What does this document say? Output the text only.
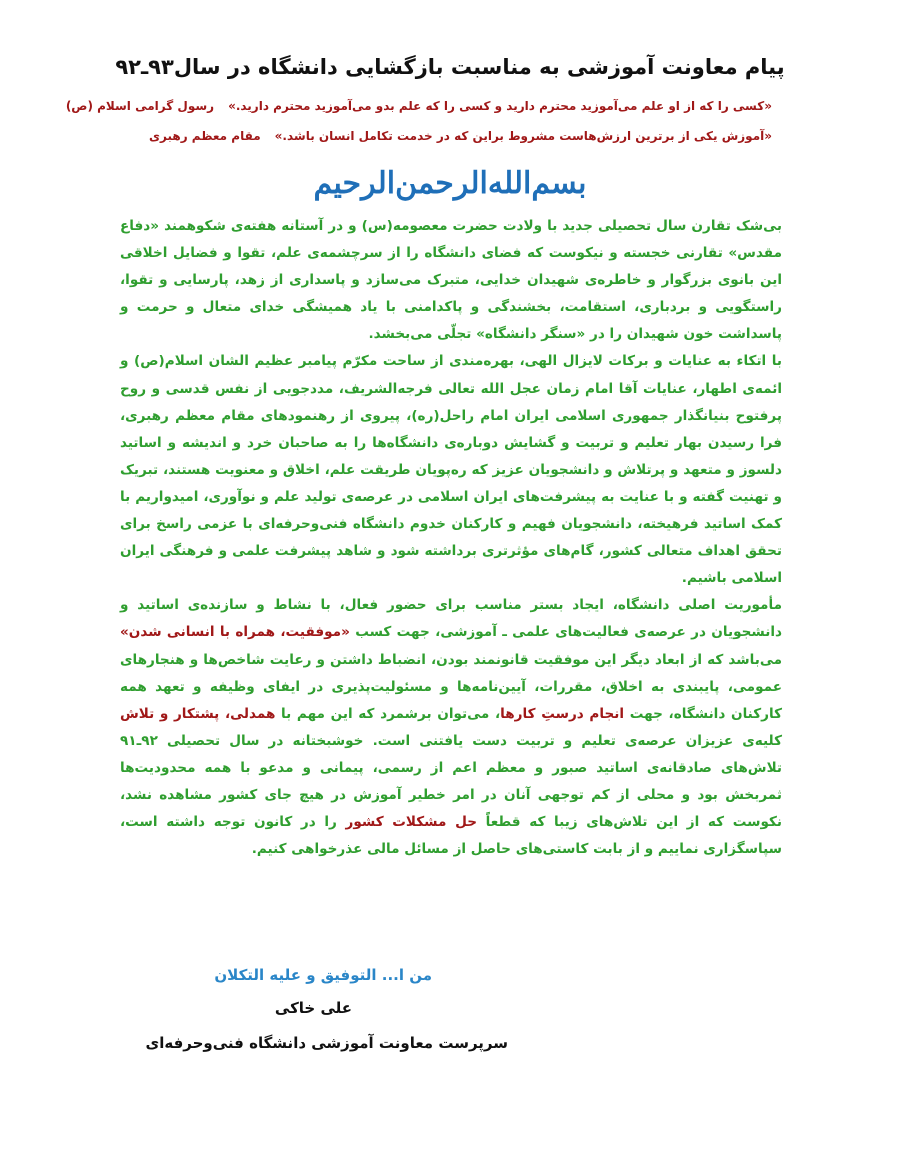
پیام معاونت آموزشی به مناسبت بازگشایی دانشگاه در سال۹۳ـ۹۲
«کسی را که از او علم می‌آموزید محترم دارید و کسی را که علم بدو می‌آموزید محترم دارید.»رسول گرامی اسلام (ص)
«آموزش یکی از برترین ارزش‌هاست مشروط براین که در خدمت تکامل انسان باشد.»مقام معظم رهبری
بسم‌الله‌الرحمن‌الرحیم

بی‌شک تقارن سال تحصیلی جدید با ولادت حضرت معصومه(س) و در آستانه هفته‌ی شکوهمند «دفاع مقدس» تقارنی خجسته و نیکوست که فضای دانشگاه را از سرچشمه‌ی علم، تقوا و فضایل اخلاقی این بانوی بزرگوار و خاطره‌ی شهیدان خدایی، متبرک می‌سازد و پاسداری از زهد، پارسایی و تقوا، راستگویی و بردباری، استقامت، بخشندگی و پاکدامنی با یاد همیشگی خدای متعال و حرمت و پاسداشت خون شهیدان را در «سنگر دانشگاه» تجلّی می‌بخشد.

با اتکاء به عنایات و برکات لایزال الهی، بهره‌مندی از ساحت مکرّم پیامبر عظیم الشان اسلام(ص) و ائمه‌ی اطهار، عنایات آقا امام زمان عجل الله تعالی فرجه‌الشریف، مددجویی از نفس قدسی و روح پرفتوح بنیانگذار جمهوری اسلامی ایران امام راحل(ره)، پیروی از رهنمودهای مقام معظم رهبری، فرا رسیدن بهار تعلیم و تربیت و گشایش دوباره‌ی دانشگاه‌ها را به صاحبان خرد و اندیشه و اساتید دلسوز و متعهد و پرتلاش و دانشجویان عزیز که ره‌پویان طریقت علم، اخلاق و معنویت هستند، تبریک و تهنیت گفته و با عنایت به پیشرفت‌های ایران اسلامی در عرصه‌ی تولید علم و نوآوری، امیدواریم با کمک اساتید فرهیخته، دانشجویان فهیم و کارکنان خدوم دانشگاه فنی‌وحرفه‌ای با عزمی راسخ برای تحقق اهداف متعالی کشور، گام‌های مؤثرتری برداشته شود و شاهد پیشرفت علمی و فرهنگی ایران اسلامی باشیم.

مأموریت اصلی دانشگاه، ایجاد بستر مناسب برای حضور فعال، با نشاط و سازنده‌ی اساتید و دانشجویان در عرصه‌ی فعالیت‌های علمی ـ آموزشی، جهت کسب «موفقیت، همراه با انسانی شدن» می‌باشد که از ابعاد دیگر این موفقیت قانونمند بودن، انضباط داشتن و رعایت شاخص‌ها و هنجارهای عمومی، پایبندی به اخلاق، مقررات، آیین‌نامه‌ها و مسئولیت‌پذیری در ایفای وظیفه و تعهد همه کارکنان دانشگاه، جهت انجام درستِ کارها، می‌توان برشمرد که این مهم با همدلی، پشتکار و تلاش کلیه‌ی عزیزان عرصه‌ی تعلیم و تربیت دست یافتنی است. خوشبختانه در سال تحصیلی ۹۲ـ۹۱ تلاش‌های صادقانه‌ی اساتید صبور و معظم اعم از رسمی، پیمانی و مدعو با همه محدودیت‌ها ثمربخش بود و محلی از کم توجهی آنان در امر خطیر آموزش در هیچ جای کشور مشاهده نشد، نکوست که از این تلاش‌های زیبا که قطعاً حل مشکلات کشور را در کانون توجه داشته است، سپاسگزاری نماییم و از بابت کاستی‌های حاصل از مسائل مالی عذرخواهی کنیم.

من ا... التوفیق و علیه التکلان
علی خاکی
سرپرست معاونت آموزشی دانشگاه فنی‌وحرفه‌ای
